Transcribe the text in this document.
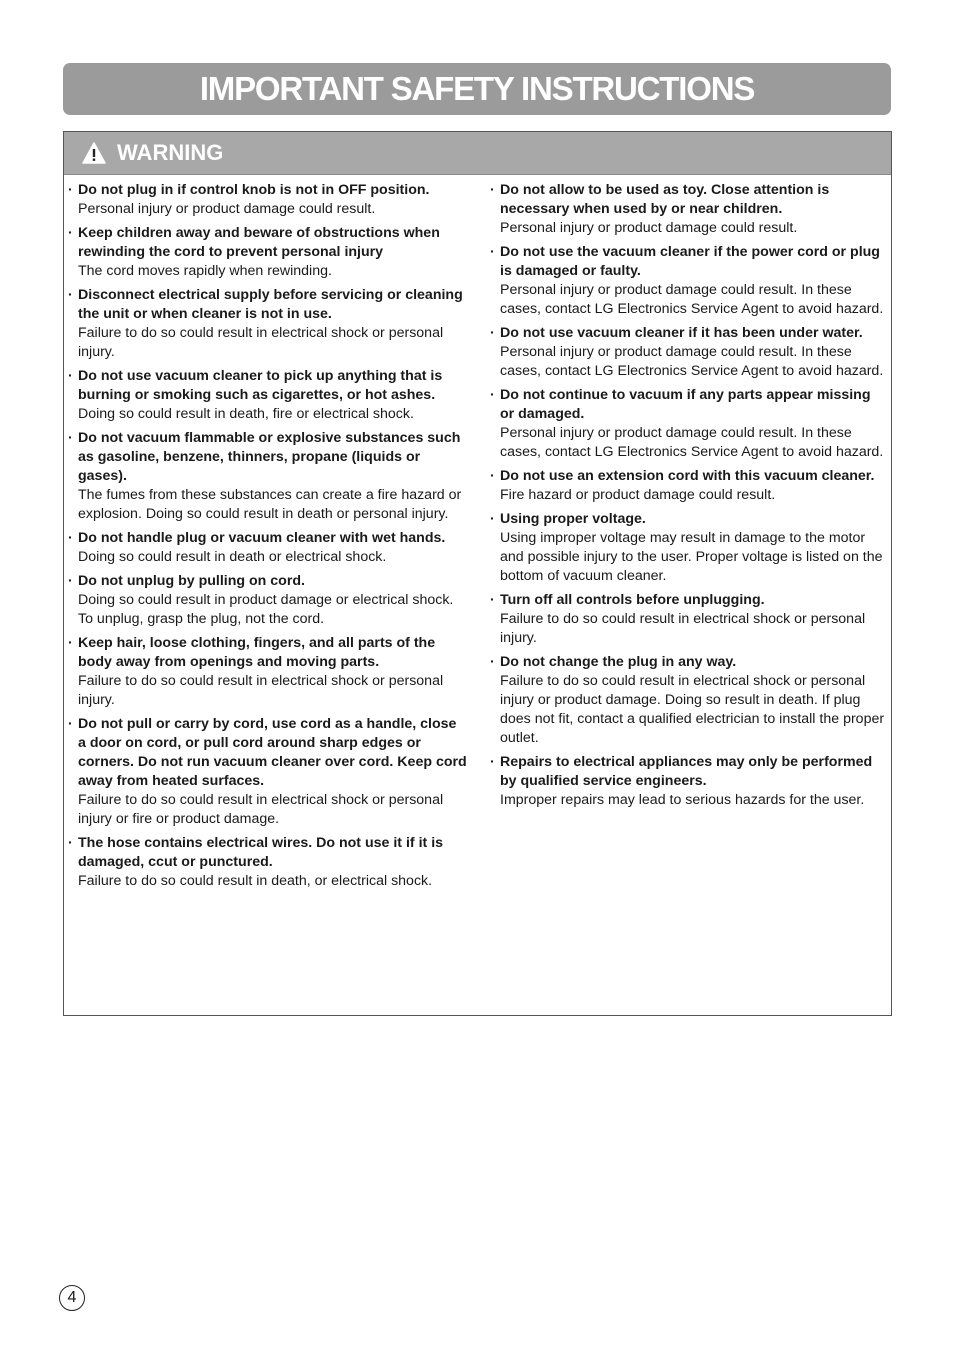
IMPORTANT SAFETY INSTRUCTIONS
WARNING
· Do not plug in if control knob is not in OFF position.
Personal injury or product damage could result.
· Keep children away and beware of obstructions when rewinding the cord to prevent personal injury
The cord moves rapidly when rewinding.
· Disconnect electrical supply before servicing or cleaning the unit or when cleaner is not in use.
Failure to do so could result in electrical shock or personal injury.
· Do not use vacuum cleaner to pick up anything that is burning or smoking such as cigarettes, or hot ashes.
Doing so could result in death, fire or electrical shock.
· Do not vacuum flammable or explosive substances such as gasoline, benzene, thinners, propane (liquids or gases).
The fumes from these substances can create a fire hazard or explosion. Doing so could result in death or personal injury.
· Do not handle plug or vacuum cleaner with wet hands.
Doing so could result in death or electrical shock.
· Do not unplug by pulling on cord.
Doing so could result in product damage or electrical shock. To unplug, grasp the plug, not the cord.
· Keep hair, loose clothing, fingers, and all parts of the body away from openings and moving parts.
Failure to do so could result in electrical shock or personal injury.
· Do not pull or carry by cord, use cord as a handle, close a door on cord, or pull cord around sharp edges or corners. Do not run vacuum cleaner over cord. Keep cord away from heated surfaces.
Failure to do so could result in electrical shock or personal injury or fire or product damage.
· The hose contains electrical wires. Do not use it if it is damaged, ccut or punctured.
Failure to do so could result in death, or electrical shock.
· Do not allow to be used as toy. Close attention is necessary when used by or near children.
Personal injury or product damage could result.
· Do not use the vacuum cleaner if the power cord or plug is damaged or faulty.
Personal injury or product damage could result. In these cases, contact LG Electronics Service Agent to avoid hazard.
· Do not use vacuum cleaner if it has been under water.
Personal injury or product damage could result. In these cases, contact LG Electronics Service Agent to avoid hazard.
· Do not continue to vacuum if any parts appear missing or damaged.
Personal injury or product damage could result. In these cases, contact LG Electronics Service Agent to avoid hazard.
· Do not use an extension cord with this vacuum cleaner.
Fire hazard or product damage could result.
· Using proper voltage.
Using improper voltage may result in damage to the motor and possible injury to the user. Proper voltage is listed on the bottom of vacuum cleaner.
· Turn off all controls before unplugging.
Failure to do so could result in electrical shock or personal injury.
· Do not change the plug in any way.
Failure to do so could result in electrical shock or personal injury or product damage. Doing so result in death. If plug does not fit, contact a qualified electrician to install the proper outlet.
· Repairs to electrical appliances may only be performed by qualified service engineers.
Improper repairs may lead to serious hazards for the user.
4
